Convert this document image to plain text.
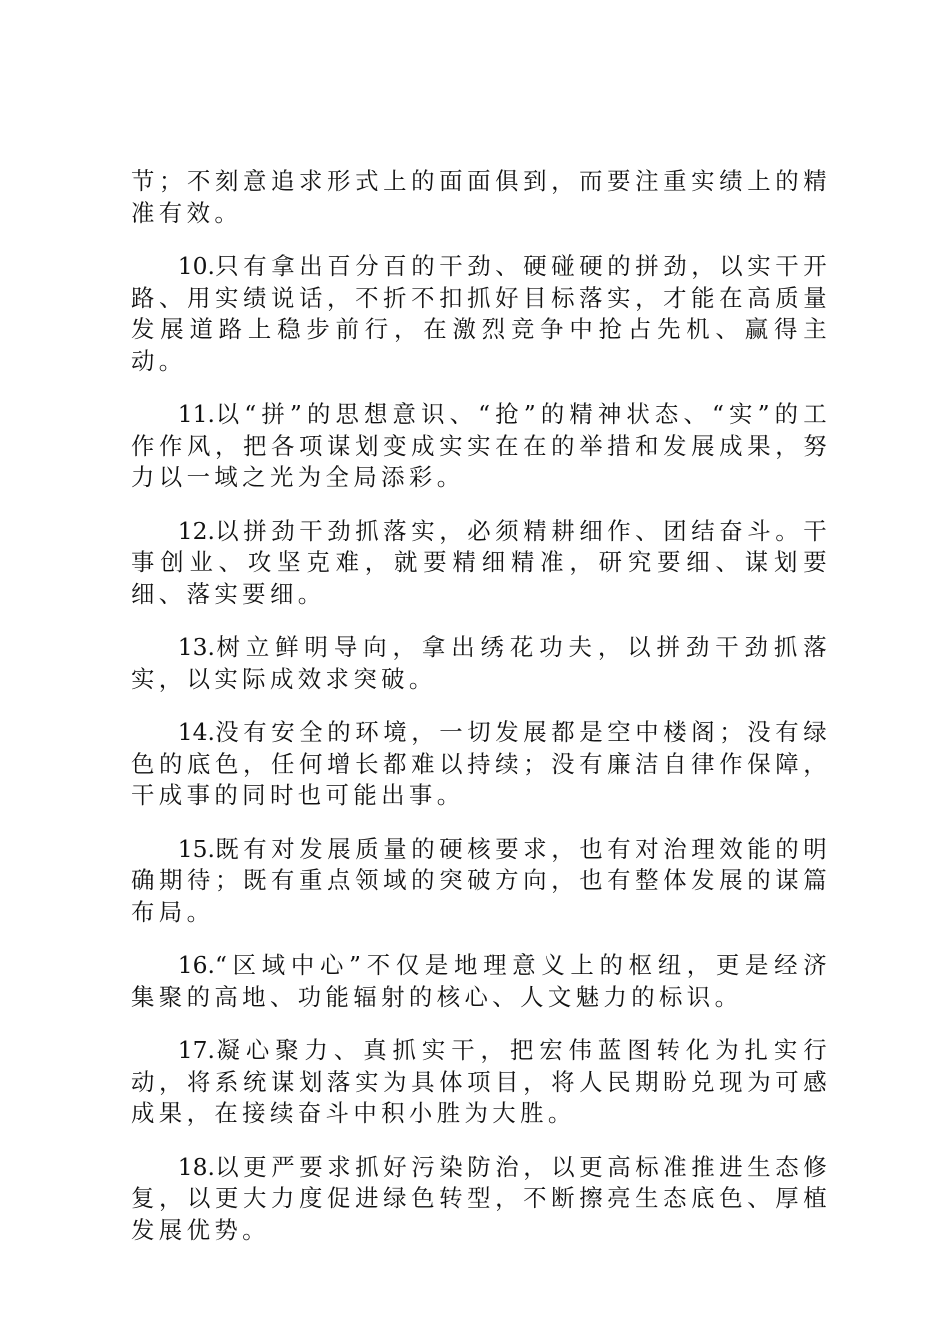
节；不刻意追求形式上的面面俱到，而要注重实绩上的精准有效。

10.只有拿出百分百的干劲、硬碰硬的拼劲，以实干开路、用实绩说话，不折不扣抓好目标落实，才能在高质量发展道路上稳步前行，在激烈竞争中抢占先机、赢得主动。

11.以“拼”的思想意识、“抢”的精神状态、“实”的工作作风，把各项谋划变成实实在在的举措和发展成果，努力以一域之光为全局添彩。

12.以拼劲干劲抓落实，必须精耕细作、团结奋斗。干事创业、攻坚克难，就要精细精准，研究要细、谋划要细、落实要细。

13.树立鲜明导向，拿出绣花功夫，以拼劲干劲抓落实，以实际成效求突破。

14.没有安全的环境，一切发展都是空中楼阁；没有绿色的底色，任何增长都难以持续；没有廉洁自律作保障，干成事的同时也可能出事。

15.既有对发展质量的硬核要求，也有对治理效能的明确期待；既有重点领域的突破方向，也有整体发展的谋篇布局。

16.“区域中心”不仅是地理意义上的枢纽，更是经济集聚的高地、功能辐射的核心、人文魅力的标识。

17.凝心聚力、真抓实干，把宏伟蓝图转化为扎实行动，将系统谋划落实为具体项目，将人民期盼兑现为可感成果，在接续奋斗中积小胜为大胜。

18.以更严要求抓好污染防治，以更高标准推进生态修复，以更大力度促进绿色转型，不断擦亮生态底色、厚植发展优势。
